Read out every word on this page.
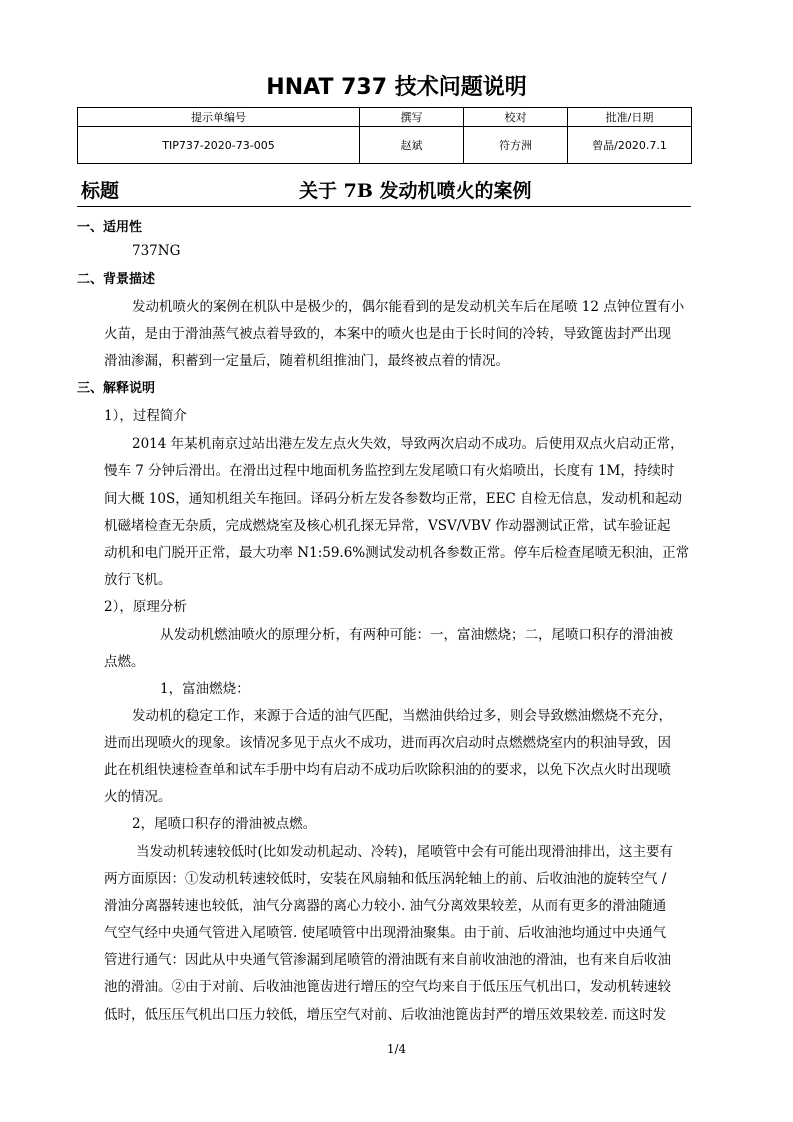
HNAT 737 技术问题说明
提示单编号	撰写	校对	批准/日期
TIP737-2020-73-005	赵斌	符方洲	曾晶/2020.7.1
标题	关于 7B 发动机喷火的案例
一、适用性
737NG
二、背景描述
发动机喷火的案例在机队中是极少的，偶尔能看到的是发动机关车后在尾喷 12 点钟位置有小
火苗，是由于滑油蒸气被点着导致的，本案中的喷火也是由于长时间的冷转，导致篦齿封严出现
滑油渗漏，积蓄到一定量后，随着机组推油门，最终被点着的情况。
三、解释说明
1），过程简介
2014 年某机南京过站出港左发左点火失效，导致两次启动不成功。后使用双点火启动正常，
慢车 7 分钟后滑出。在滑出过程中地面机务监控到左发尾喷口有火焰喷出，长度有 1M，持续时
间大概 10S，通知机组关车拖回。译码分析左发各参数均正常，EEC 自检无信息，发动机和起动
机磁堵检查无杂质，完成燃烧室及核心机孔探无异常，VSV/VBV 作动器测试正常，试车验证起
动机和电门脱开正常，最大功率 N1:59.6%测试发动机各参数正常。停车后检查尾喷无积油，正常
放行飞机。
2），原理分析
从发动机燃油喷火的原理分析，有两种可能：一，富油燃烧；二，尾喷口积存的滑油被
点燃。
1，富油燃烧：
发动机的稳定工作，来源于合适的油气匹配，当燃油供给过多，则会导致燃油燃烧不充分，
进而出现喷火的现象。该情况多见于点火不成功，进而再次启动时点燃燃烧室内的积油导致，因
此在机组快速检查单和试车手册中均有启动不成功后吹除积油的的要求，以免下次点火时出现喷
火的情况。
2，尾喷口积存的滑油被点燃。
当发动机转速较低时(比如发动机起动、冷转)，尾喷管中会有可能出现滑油排出，这主要有
两方面原因：①发动机转速较低时，安装在风扇轴和低压涡轮轴上的前、后收油池的旋转空气 /
滑油分离器转速也较低，油气分离器的离心力较小. 油气分离效果较差，从而有更多的滑油随通
气空气经中央通气管进入尾喷管. 使尾喷管中出现滑油聚集。由于前、后收油池均通过中央通气
管进行通气：因此从中央通气管渗漏到尾喷管的滑油既有来自前收油池的滑油，也有来自后收油
池的滑油。②由于对前、后收油池篦齿进行增压的空气均来自于低压压气机出口，发动机转速较
低时，低压压气机出口压力较低，增压空气对前、后收油池篦齿封严的增压效果较差. 而这时发
1/4
